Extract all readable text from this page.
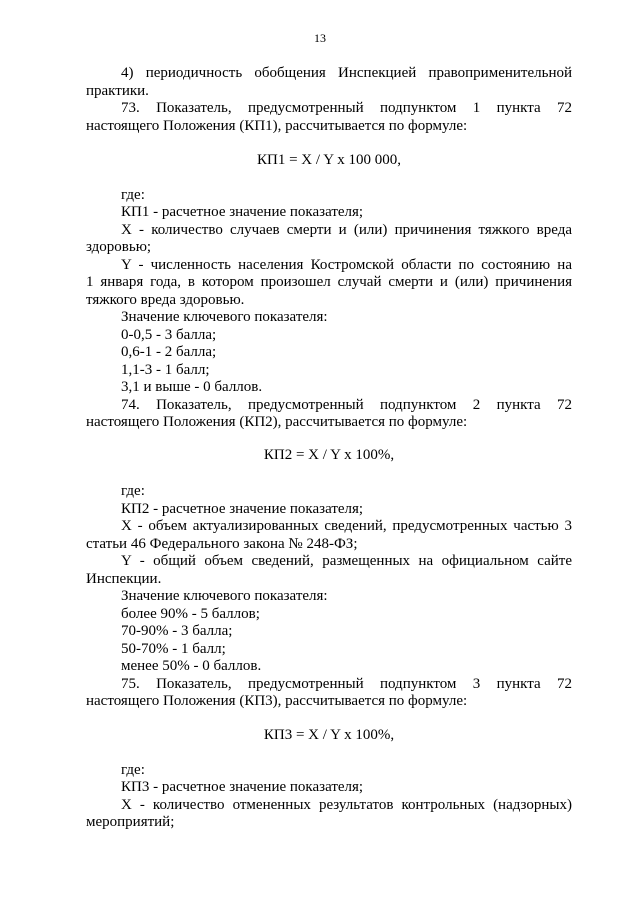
13
4) периодичность обобщения Инспекцией правоприменительной
практики.
73. Показатель, предусмотренный подпунктом 1 пункта 72
настоящего Положения (КП1), рассчитывается по формуле:
КП1 = X / Y x 100 000,
где:
КП1 - расчетное значение показателя;
X - количество случаев смерти и (или) причинения тяжкого вреда
здоровью;
Y - численность населения Костромской области по состоянию на
1 января года, в котором произошел случай смерти и (или) причинения
тяжкого вреда здоровью.
Значение ключевого показателя:
0-0,5 - 3 балла;
0,6-1 - 2 балла;
1,1-3 - 1 балл;
3,1 и выше - 0 баллов.
74. Показатель, предусмотренный подпунктом 2 пункта 72
настоящего Положения (КП2), рассчитывается по формуле:
КП2 = X / Y x 100%,
где:
КП2 - расчетное значение показателя;
X - объем актуализированных сведений, предусмотренных частью 3
статьи 46 Федерального закона № 248-ФЗ;
Y - общий объем сведений, размещенных на официальном сайте
Инспекции.
Значение ключевого показателя:
более 90% - 5 баллов;
70-90% - 3 балла;
50-70% - 1 балл;
менее 50% - 0 баллов.
75. Показатель, предусмотренный подпунктом 3 пункта 72
настоящего Положения (КП3), рассчитывается по формуле:
КП3 = X / Y x 100%,
где:
КП3 - расчетное значение показателя;
X - количество отмененных результатов контрольных (надзорных)
мероприятий;
